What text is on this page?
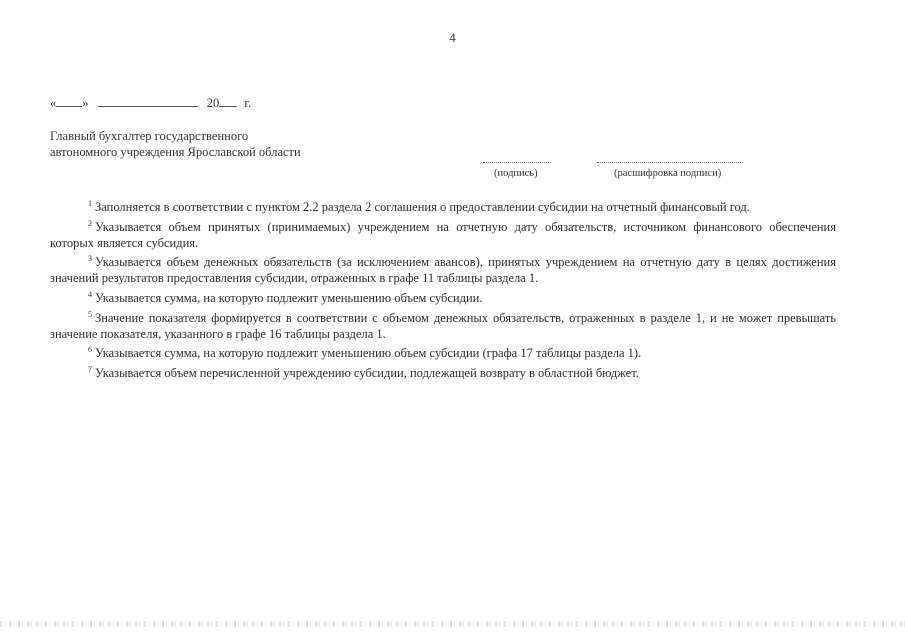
4
« »	20 г.
Главный бухгалтер государственного
автономного учреждения Ярославской области
(подпись)	(расшифровка подписи)

$^1$ Заполняется в соответствии с пунктом 2.2 раздела 2 соглашения о предоставлении субсидии на отчетный финансовый год.

$^2$ Указывается объем принятых (принимаемых) учреждением на отчетную дату обязательств, источником финансового обеспечения которых является субсидия.

$^3$ Указывается объем денежных обязательств (за исключением авансов), принятых учреждением на отчетную дату в целях достижения значений результатов предоставления субсидии, отраженных в графе 11 таблицы раздела 1.

$^4$ Указывается сумма, на которую подлежит уменьшению объем субсидии.

$^5$ Значение показателя формируется в соответствии с объемом денежных обязательств, отраженных в разделе 1, и не может превышать значение показателя, указанного в графе 16 таблицы раздела 1.

$^6$ Указывается сумма, на которую подлежит уменьшению объем субсидии (графа 17 таблицы раздела 1).

$^7$ Указывается объем перечисленной учреждению субсидии, подлежащей возврату в областной бюджет.
